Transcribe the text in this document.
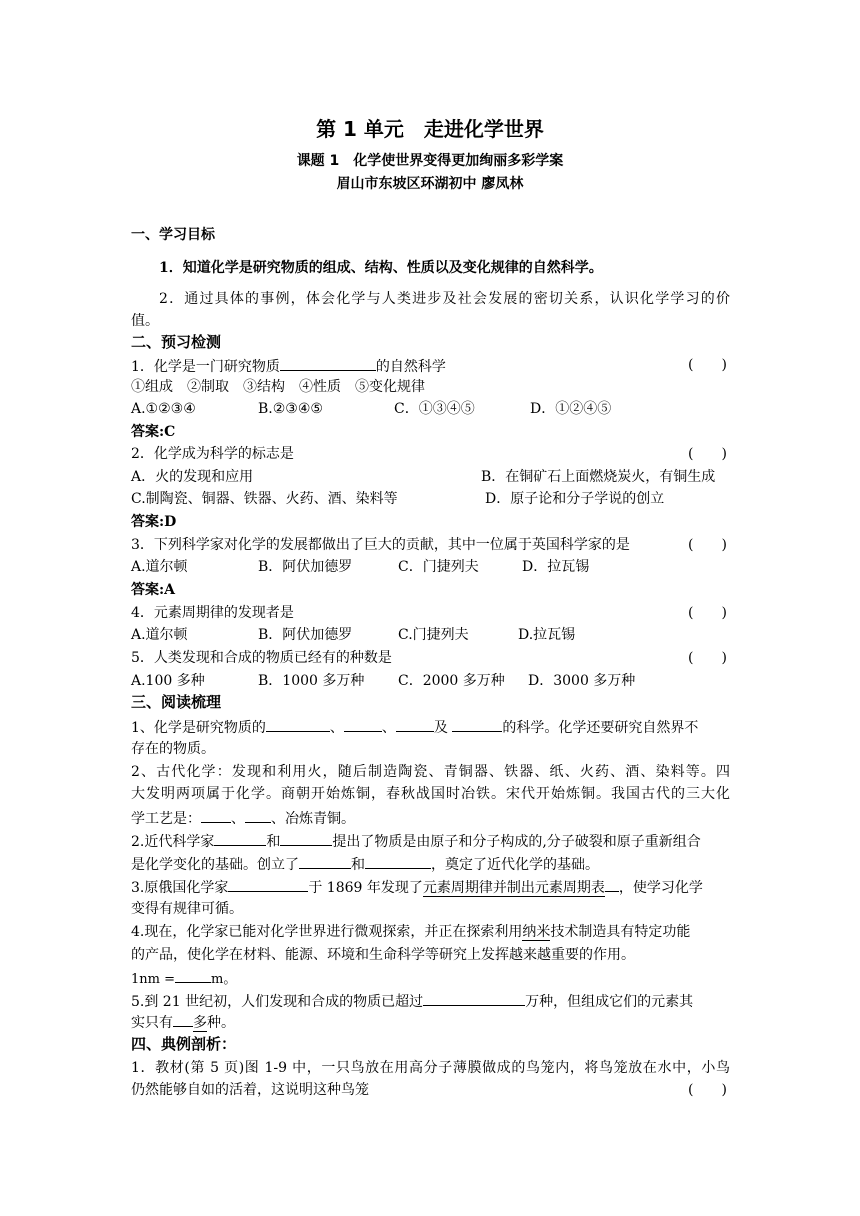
第 1 单元　走进化学世界
课题 1　化学使世界变得更加绚丽多彩学案
眉山市东坡区环湖初中 廖凤林
一、学习目标
1．知道化学是研究物质的组成、结构、性质以及变化规律的自然科学。
2．通过具体的事例，体会化学与人类进步及社会发展的密切关系，认识化学学习的价
值。
二、预习检测
1．化学是一门研究物质	的自然科学	(　　)
①组成　②制取　③结构　④性质　⑤变化规律
A.①②③④	B.②③④⑤	C．①③④⑤	D．①②④⑤
答案:C
2．化学成为科学的标志是	(　　)
A．火的发现和应用	B．在铜矿石上面燃烧炭火，有铜生成
C.制陶瓷、铜器、铁器、火药、酒、染料等	D．原子论和分子学说的创立
答案:D
3．下列科学家对化学的发展都做出了巨大的贡献，其中一位属于英国科学家的是	(　　)
A.道尔顿	B．阿伏加德罗	C．门捷列夫	D．拉瓦锡
答案:A
4．元素周期律的发现者是	(　　)
A.道尔顿	B．阿伏加德罗	C.门捷列夫	D.拉瓦锡
5．人类发现和合成的物质已经有的种数是	(　　)
A.100 多种	B．1000 多万种 C．2000 多万种 D．3000 多万种
三、阅读梳理
1、化学是研究物质的	、	、	及	的科学。化学还要研究自然界不
存在的物质。
2、古代化学：发现和利用火，随后制造陶瓷、青铜器、铁器、纸、火药、酒、染料等。四
大发明两项属于化学。商朝开始炼铜，春秋战国时冶铁。宋代开始炼铜。我国古代的三大化
学工艺是： 、 、冶炼青铜。
2.近代科学家	和	提出了物质是由原子和分子构成的,分子破裂和原子重新组合
是化学变化的基础。创立了	和	，奠定了近代化学的基础。
3.原俄国化学家	于 1869 年发现了元素周期律并制出元素周期表 ，使学习化学
变得有规律可循。
4.现在，化学家已能对化学世界进行微观探索，并正在探索利用纳米技术制造具有特定功能
的产品，使化学在材料、能源、环境和生命科学等研究上发挥越来越重要的作用。
1nm =	m。
5.到 21 世纪初，人们发现和合成的物质已超过	万种，但组成它们的元素其
实只有 多种。
四、典例剖析：
1．教材(第 5 页)图 1-9 中，一只鸟放在用高分子薄膜做成的鸟笼内，将鸟笼放在水中，小鸟
仍然能够自如的活着，这说明这种鸟笼	(　　)
